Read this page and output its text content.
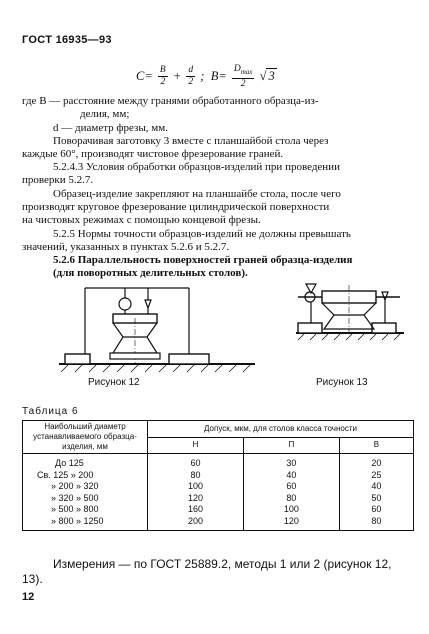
ГОСТ 16935—93
$C= \frac{B}{2} + \frac{d}{2}$ ; $B= \frac{D_{max}}{2}$ √ 3
где B — расстояние между гранями обработанного образца-из-
делия, мм;
d — диаметр фрезы, мм.
Поворачивая заготовку 3 вместе с планшайбой стола через
каждые 60°, производят чистовое фрезерование граней.
5.2.4.3 Условия обработки образцов-изделий при проведении
проверки 5.2.7.
Образец-изделие закрепляют на планшайбе стола, после чего
производят круговое фрезерование цилиндрической поверхности
на чистовых режимах с помощью концевой фрезы.
5.2.5 Нормы точности образцов-изделий не должны превышать
значений, указанных в пунктах 5.2.6 и 5.2.7.
5.2.6 Параллельность поверхностей граней образца-изделия
(для поворотных делительных столов).
Рисунок 12	Рисунок 13
Таблица 6
Наибольший диаметр устанавливаемого образца-изделия, мм	Допуск, мкм, для столов класса точности		
	Н	П	В
До 125	60	30	20
Св. 125 » 200	80	40	25
» 200 » 320	100	60	40
» 320 » 500	120	80	50
» 500 » 800	160	100	60
» 800 » 1250	200	120	80
Измерения — по ГОСТ 25889.2, методы 1 или 2 (рисунок 12,
13).
12
